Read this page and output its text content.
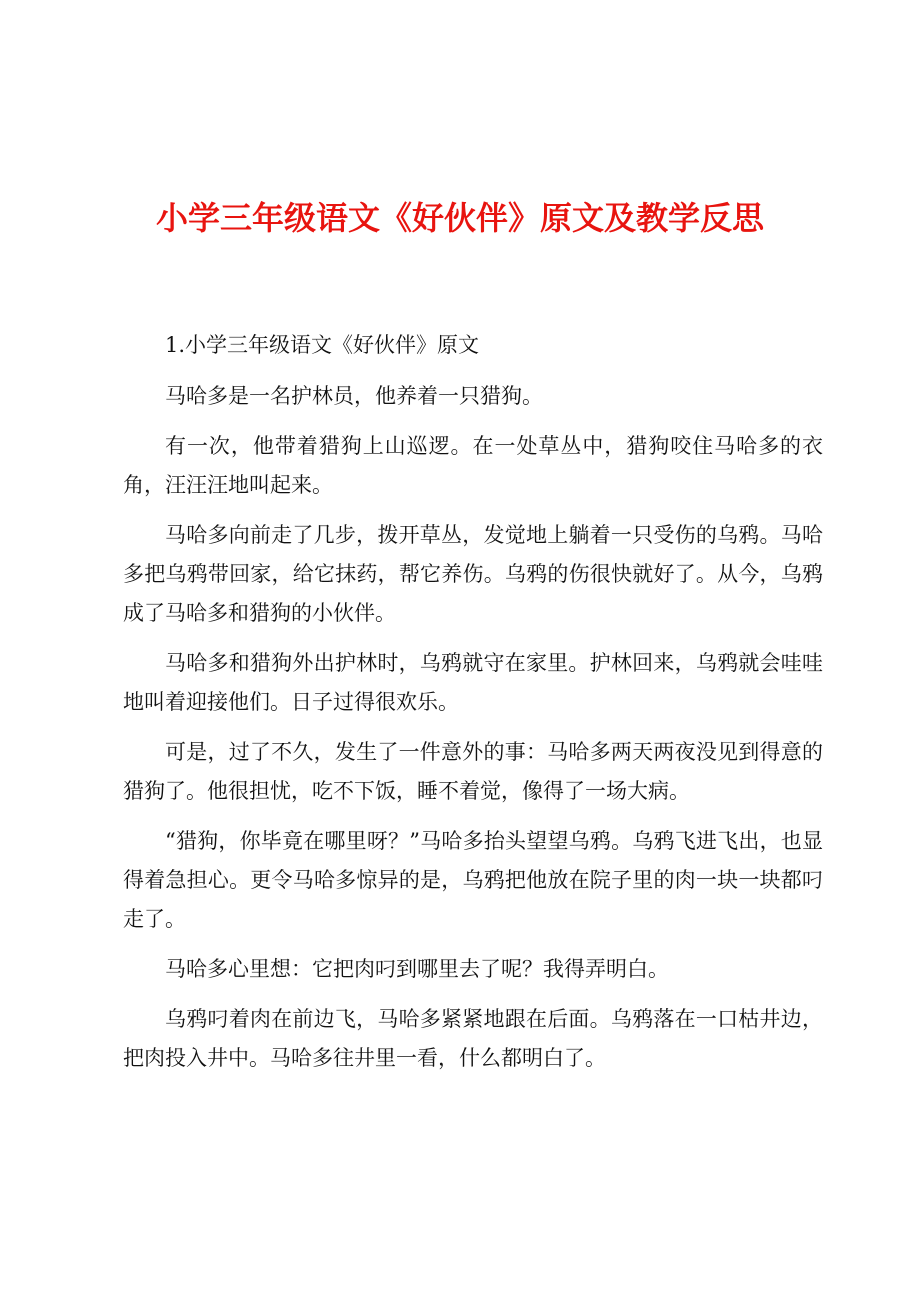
小学三年级语文《好伙伴》原文及教学反思

1.小学三年级语文《好伙伴》原文

马哈多是一名护林员，他养着一只猎狗。

有一次，他带着猎狗上山巡逻。在一处草丛中，猎狗咬住马哈多的衣角，汪汪汪地叫起来。

马哈多向前走了几步，拨开草丛，发觉地上躺着一只受伤的乌鸦。马哈多把乌鸦带回家，给它抹药，帮它养伤。乌鸦的伤很快就好了。从今，乌鸦成了马哈多和猎狗的小伙伴。

马哈多和猎狗外出护林时，乌鸦就守在家里。护林回来，乌鸦就会哇哇地叫着迎接他们。日子过得很欢乐。

可是，过了不久，发生了一件意外的事：马哈多两天两夜没见到得意的猎狗了。他很担忧，吃不下饭，睡不着觉，像得了一场大病。

“猎狗，你毕竟在哪里呀？”马哈多抬头望望乌鸦。乌鸦飞进飞出，也显得着急担心。更令马哈多惊异的是，乌鸦把他放在院子里的肉一块一块都叼走了。

马哈多心里想：它把肉叼到哪里去了呢？我得弄明白。

乌鸦叼着肉在前边飞，马哈多紧紧地跟在后面。乌鸦落在一口枯井边，把肉投入井中。马哈多往井里一看，什么都明白了。
